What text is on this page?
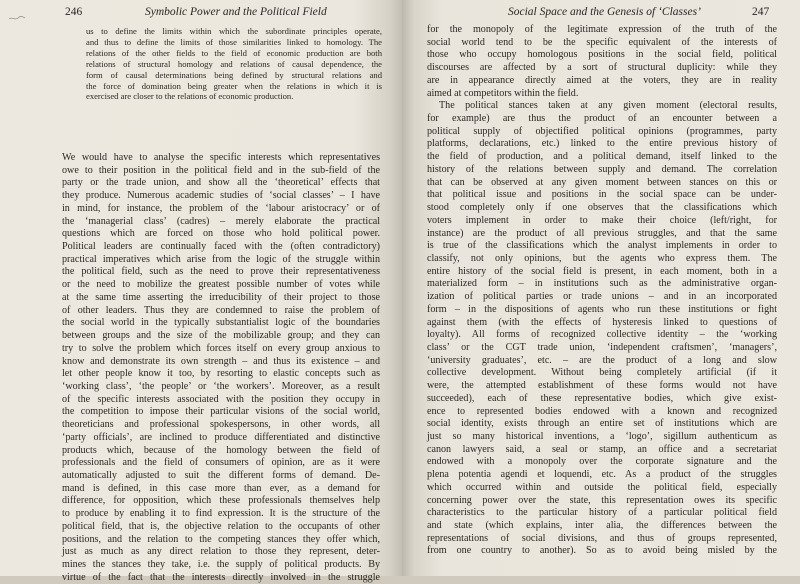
246	Symbolic Power and the Political Field
us to define the limits within which the subordinate principles operate,
and thus to define the limits of those similarities linked to homology. The
relations of the other fields to the field of economic production are both
relations of structural homology and relations of causal dependence, the
form of causal determinations being defined by structural relations and
the force of domination being greater when the relations in which it is
exercised are closer to the relations of economic production.
We would have to analyse the specific interests which representatives
owe to their position in the political field and in the sub-field of the
party or the trade union, and show all the ‘theoretical’ effects that
they produce. Numerous academic studies of ‘social classes’ – I have
in mind, for instance, the problem of the ‘labour aristocracy’ or of
the ‘managerial class’ (cadres) – merely elaborate the practical
questions which are forced on those who hold political power.
Political leaders are continually faced with the (often contradictory)
practical imperatives which arise from the logic of the struggle within
the political field, such as the need to prove their representativeness
or the need to mobilize the greatest possible number of votes while
at the same time asserting the irreducibility of their project to those
of other leaders. Thus they are condemned to raise the problem of
the social world in the typically substantialist logic of the boundaries
between groups and the size of the mobilizable group; and they can
try to solve the problem which forces itself on every group anxious to
know and demonstrate its own strength – and thus its existence – and
let other people know it too, by resorting to elastic concepts such as
‘working class’, ‘the people’ or ‘the workers’. Moreover, as a result
of the specific interests associated with the position they occupy in
the competition to impose their particular visions of the social world,
theoreticians and professional spokespersons, in other words, all
‘party officials’, are inclined to produce differentiated and distinctive
products which, because of the homology between the field of
professionals and the field of consumers of opinion, are as it were
automatically adjusted to suit the different forms of demand. De-
mand is defined, in this case more than ever, as a demand for
difference, for opposition, which these professionals themselves help
to produce by enabling it to find expression. It is the structure of the
political field, that is, the objective relation to the occupants of other
positions, and the relation to the competing stances they offer which,
just as much as any direct relation to those they represent, deter-
mines the stances they take, i.e. the supply of political products. By
virtue of the fact that the interests directly involved in the struggle
Social Space and the Genesis of ‘Classes’	247
for the monopoly of the legitimate expression of the truth of the
social world tend to be the specific equivalent of the interests of
those who occupy homologous positions in the social field, political
discourses are affected by a sort of structural duplicity: while they
are in appearance directly aimed at the voters, they are in reality
aimed at competitors within the field.
The political stances taken at any given moment (electoral results,
for example) are thus the product of an encounter between a
political supply of objectified political opinions (programmes, party
platforms, declarations, etc.) linked to the entire previous history of
the field of production, and a political demand, itself linked to the
history of the relations between supply and demand. The correlation
that can be observed at any given moment between stances on this or
that political issue and positions in the social space can be under-
stood completely only if one observes that the classifications which
voters implement in order to make their choice (left/right, for
instance) are the product of all previous struggles, and that the same
is true of the classifications which the analyst implements in order to
classify, not only opinions, but the agents who express them. The
entire history of the social field is present, in each moment, both in a
materialized form – in institutions such as the administrative organ-
ization of political parties or trade unions – and in an incorporated
form – in the dispositions of agents who run these institutions or fight
against them (with the effects of hysteresis linked to questions of
loyalty). All forms of recognized collective identity – the ‘working
class’ or the CGT trade union, ‘independent craftsmen’, ‘managers’,
‘university graduates’, etc. – are the product of a long and slow
collective development. Without being completely artificial (if it
were, the attempted establishment of these forms would not have
succeeded), each of these representative bodies, which give exist-
ence to represented bodies endowed with a known and recognized
social identity, exists through an entire set of institutions which are
just so many historical inventions, a ‘logo’, sigillum authenticum as
canon lawyers said, a seal or stamp, an office and a secretariat
endowed with a monopoly over the corporate signature and the
plena potentia agendi et loquendi, etc. As a product of the struggles
which occurred within and outside the political field, especially
concerning power over the state, this representation owes its specific
characteristics to the particular history of a particular political field
and state (which explains, inter alia, the differences between the
representations of social divisions, and thus of groups represented,
from one country to another). So as to avoid being misled by the
